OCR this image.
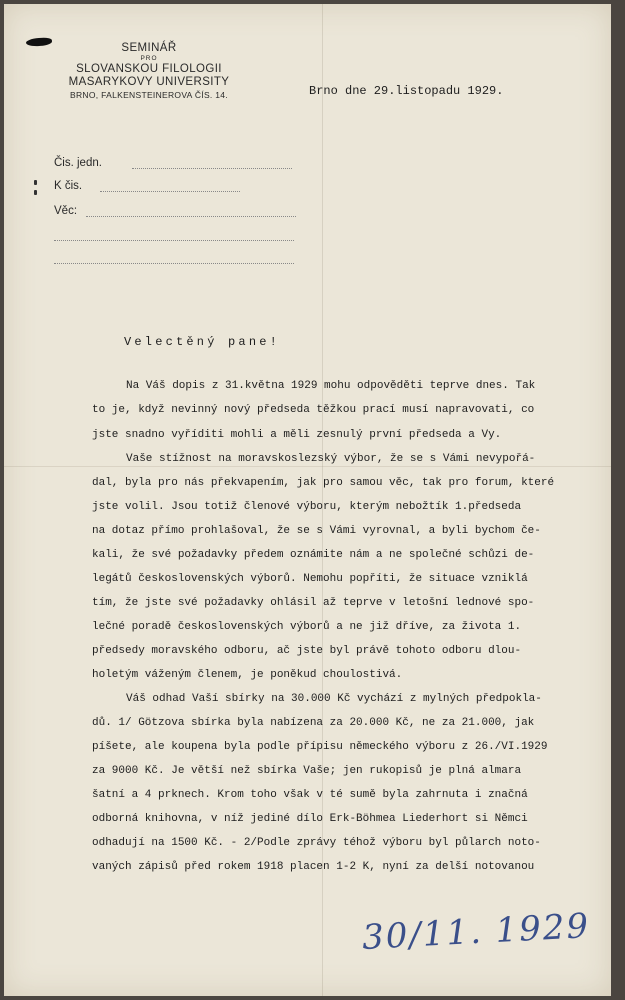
SEMINÁŘ
PRO
SLOVANSKOU FILOLOGII
MASARYKOVY UNIVERSITY
BRNO, FALKENSTEINEROVA ČÍS. 14.	Brno dne 29.listopadu 1929.
Čis. jedn.
K čis.
Věc:
Velectěný pane!
Na Váš dopis z 31.května 1929 mohu odpověděti teprve dnes. Tak
to je, když nevinný nový předseda těžkou prací musí napravovati, co
jste snadno vyříditi mohli a měli zesnulý první předseda a Vy.
Vaše stížnost na moravskoslezský výbor, že se s Vámi nevypořá-
dal, byla pro nás překvapením, jak pro samou věc, tak pro forum, které
jste volil. Jsou totiž členové výboru, kterým nebožtík 1.předseda
na dotaz přímo prohlašoval, že se s Vámi vyrovnal, a byli bychom če-
kali, že své požadavky předem oznámite nám a ne společné schůzi de-
legátů československých výborů. Nemohu popříti, že situace vzniklá
tím, že jste své požadavky ohlásil až teprve v letošní lednové spo-
lečné poradě československých výborů a ne již dříve, za života 1.
předsedy moravského odboru, ač jste byl právě tohoto odboru dlou-
holetým váženým členem, je poněkud choulostivá.
Váš odhad Vaší sbírky na 30.000 Kč vychází z mylných předpokla-
dů. 1/ Götzova sbírka byla nabízena za 20.000 Kč, ne za 21.000, jak
píšete, ale koupena byla podle přípisu německého výboru z 26./VI.1929
za 9000 Kč. Je větší než sbírka Vaše; jen rukopisů je plná almara
šatní a 4 prknech. Krom toho však v té sumě byla zahrnuta i značná
odborná knihovna, v níž jediné dílo Erk-Böhmea Liederhort si Němci
odhadují na 1500 Kč. - 2/Podle zprávy téhož výboru byl půlarch noto-
vaných zápisů před rokem 1918 placen 1-2 K, nyní za delší notovanou
30/11. 1929
